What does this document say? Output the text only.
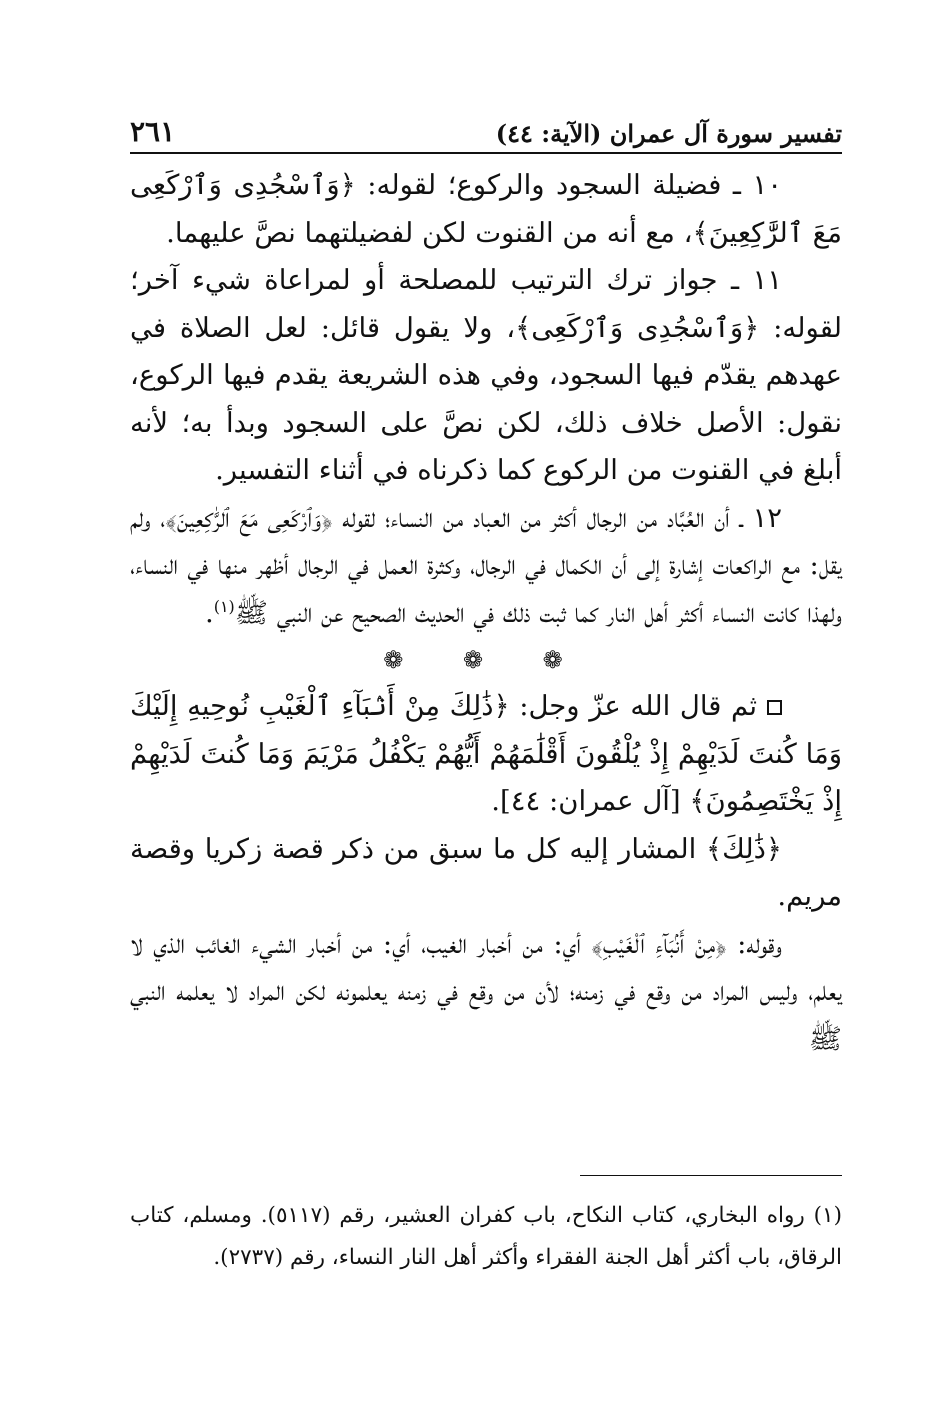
تفسير سورة آل عمران (الآية: ٤٤)
٢٦١

١٠ ـ فضيلة السجود والركوع؛ لقوله: ﴿وَٱسْجُدِى وَٱرْكَعِى مَعَ ٱلرَّٰكِعِينَ﴾، مع أنه من القنوت لكن لفضيلتهما نصَّ عليهما.

١١ ـ جواز ترك الترتيب للمصلحة أو لمراعاة شيء آخر؛ لقوله: ﴿وَٱسْجُدِى وَٱرْكَعِى﴾، ولا يقول قائل: لعل الصلاة في عهدهم يقدّم فيها السجود، وفي هذه الشريعة يقدم فيها الركوع، نقول: الأصل خلاف ذلك، لكن نصَّ على السجود وبدأ به؛ لأنه أبلغ في القنوت من الركوع كما ذكرناه في أثناء التفسير.

١٢ ـ أن العُبَّاد من الرجال أكثر من العباد من النساء؛ لقوله ﴿وَٱرْكَعِى مَعَ ٱلرَّٰكِعِينَ﴾، ولم يقل: مع الراكعات إشارة إلى أن الكمال في الرجال، وكثرة العمل في الرجال أظهر منها في النساء، ولهذا كانت النساء أكثر أهل النار كما ثبت ذلك في الحديث الصحيح عن النبي ﷺ$^{(١)}$.

❁ ❁ ❁

ثم قال الله عزّ وجل: ﴿ذَٰلِكَ مِنْ أَنۢبَآءِ ٱلْغَيْبِ نُوحِيهِ إِلَيْكَ وَمَا كُنتَ لَدَيْهِمْ إِذْ يُلْقُونَ أَقْلَٰمَهُمْ أَيُّهُمْ يَكْفُلُ مَرْيَمَ وَمَا كُنتَ لَدَيْهِمْ إِذْ يَخْتَصِمُونَ﴾ [آل عمران: ٤٤].

﴿ذَٰلِكَ﴾ المشار إليه كل ما سبق من ذكر قصة زكريا وقصة مريم.

وقوله: ﴿مِنْ أَنۢبَآءِ ٱلْغَيْبِ﴾ أي: من أخبار الغيب، أي: من أخبار الشيء الغائب الذي لا يعلم، وليس المراد من وقع في زمنه؛ لأن من وقع في زمنه يعلمونه لكن المراد لا يعلمه النبي ﷺ

(١) رواه البخاري، كتاب النكاح، باب كفران العشير، رقم (٥١١٧). ومسلم، كتاب الرقاق، باب أكثر أهل الجنة الفقراء وأكثر أهل النار النساء، رقم (٢٧٣٧).
